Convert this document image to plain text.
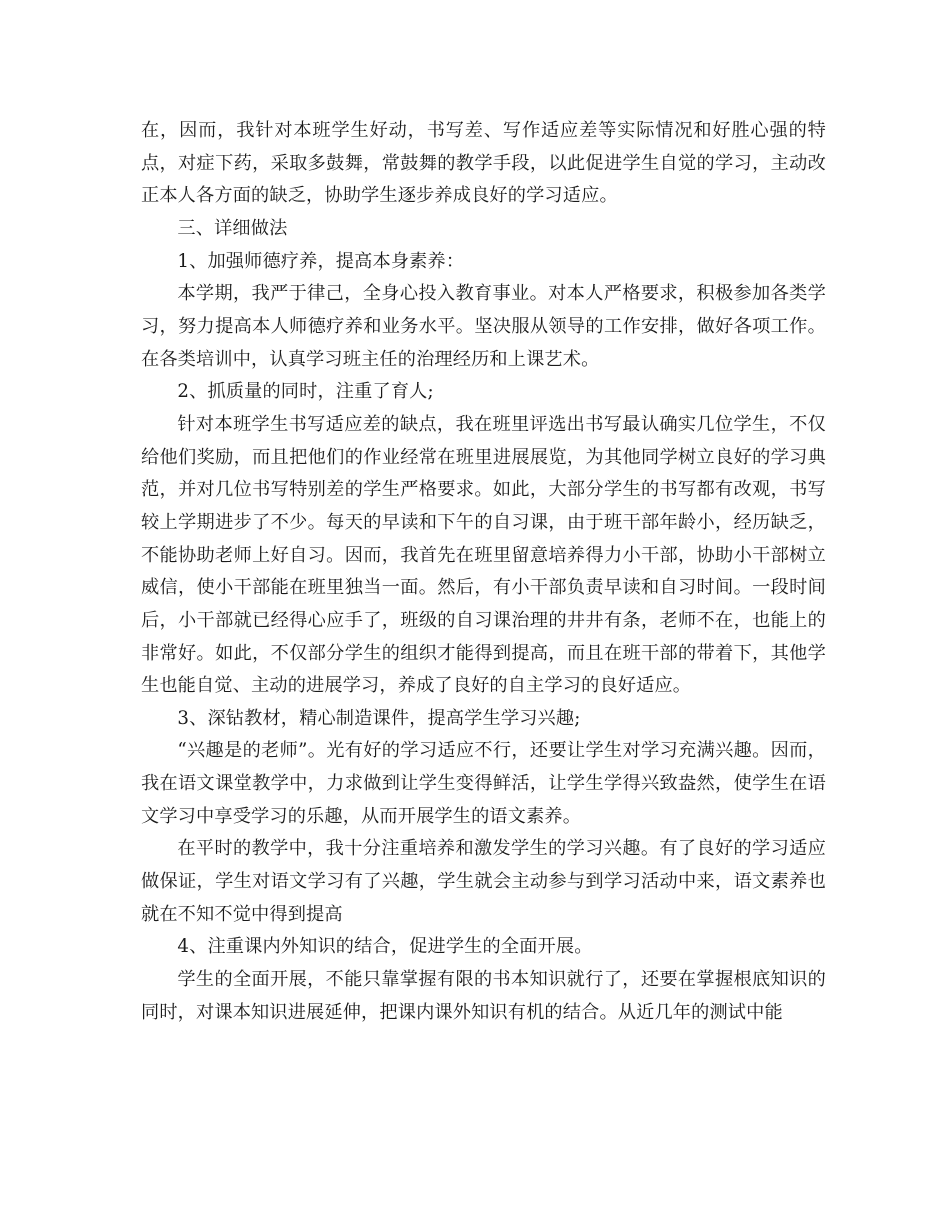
在，因而，我针对本班学生好动，书写差、写作适应差等实际情况和好胜心强的特点，对症下药，采取多鼓舞，常鼓舞的教学手段，以此促进学生自觉的学习，主动改正本人各方面的缺乏，协助学生逐步养成良好的学习适应。

三、详细做法

1、加强师德疗养，提高本身素养：

本学期，我严于律己，全身心投入教育事业。对本人严格要求，积极参加各类学习，努力提高本人师德疗养和业务水平。坚决服从领导的工作安排，做好各项工作。在各类培训中，认真学习班主任的治理经历和上课艺术。

2、抓质量的同时，注重了育人;

针对本班学生书写适应差的缺点，我在班里评选出书写最认确实几位学生，不仅给他们奖励，而且把他们的作业经常在班里进展展览，为其他同学树立良好的学习典范，并对几位书写特别差的学生严格要求。如此，大部分学生的书写都有改观，书写较上学期进步了不少。每天的早读和下午的自习课，由于班干部年龄小，经历缺乏，不能协助老师上好自习。因而，我首先在班里留意培养得力小干部，协助小干部树立威信，使小干部能在班里独当一面。然后，有小干部负责早读和自习时间。一段时间后，小干部就已经得心应手了，班级的自习课治理的井井有条，老师不在，也能上的非常好。如此，不仅部分学生的组织才能得到提高，而且在班干部的带着下，其他学生也能自觉、主动的进展学习，养成了良好的自主学习的良好适应。

3、深钻教材，精心制造课件，提高学生学习兴趣;

“兴趣是的老师”。光有好的学习适应不行，还要让学生对学习充满兴趣。因而，我在语文课堂教学中，力求做到让学生变得鲜活，让学生学得兴致盎然，使学生在语文学习中享受学习的乐趣，从而开展学生的语文素养。

在平时的教学中，我十分注重培养和激发学生的学习兴趣。有了良好的学习适应做保证，学生对语文学习有了兴趣，学生就会主动参与到学习活动中来，语文素养也就在不知不觉中得到提高

4、注重课内外知识的结合，促进学生的全面开展。

学生的全面开展，不能只靠掌握有限的书本知识就行了，还要在掌握根底知识的同时，对课本知识进展延伸，把课内课外知识有机的结合。从近几年的测试中能
